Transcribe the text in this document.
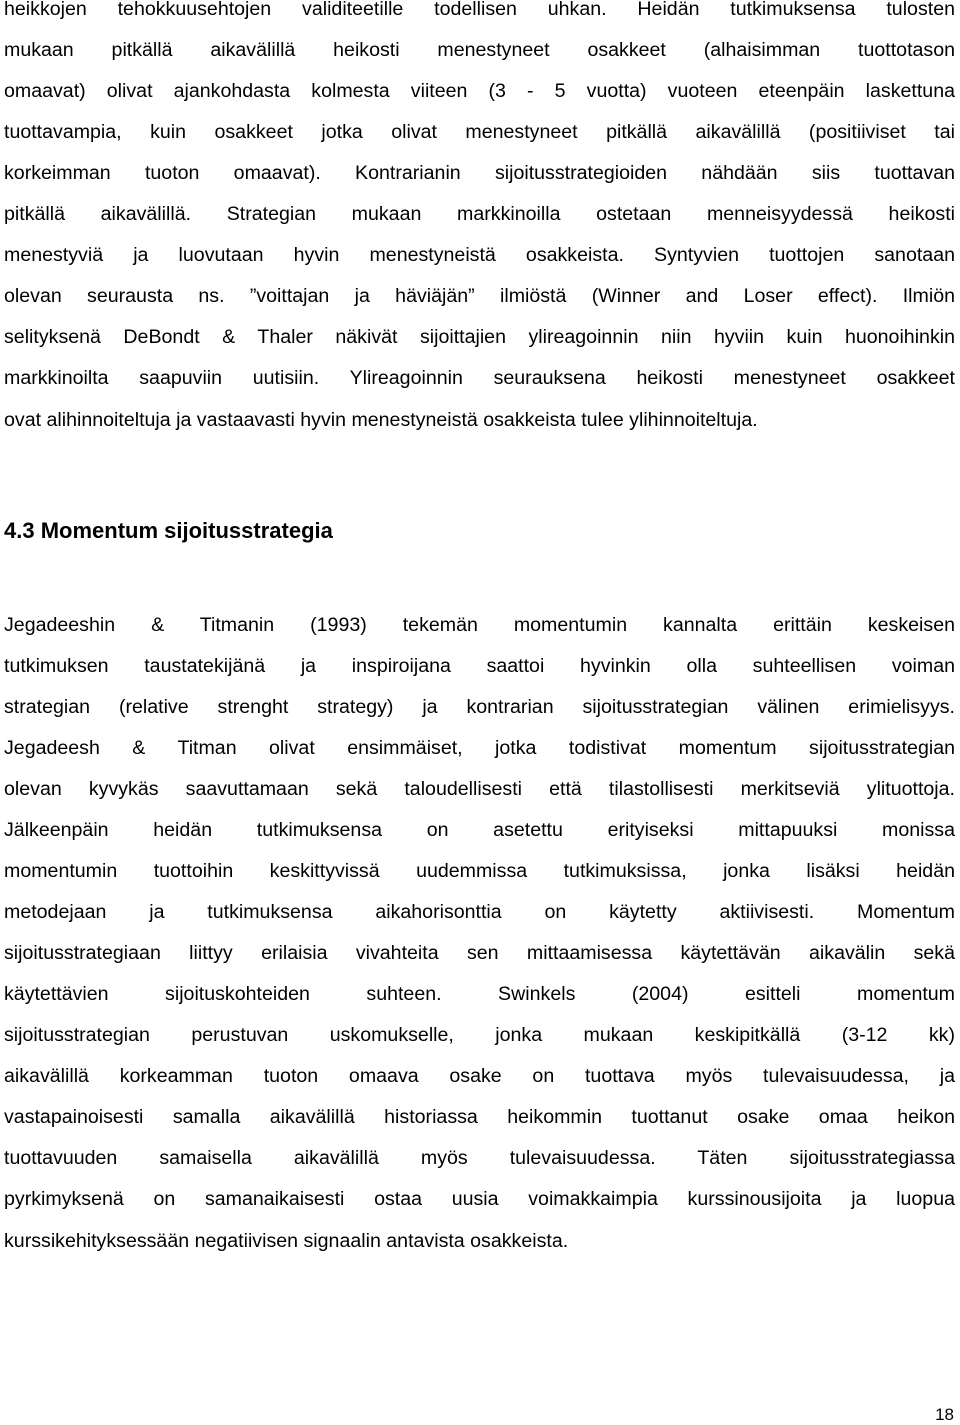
heikkojen tehokkuusehtojen validiteetille todellisen uhkan. Heidän tutkimuksensa tulosten
mukaan pitkällä aikavälillä heikosti menestyneet osakkeet (alhaisimman tuottotason
omaavat) olivat ajankohdasta kolmesta viiteen (3 - 5 vuotta) vuoteen eteenpäin laskettuna
tuottavampia, kuin osakkeet jotka olivat menestyneet pitkällä aikavälillä (positiiviset tai
korkeimman tuoton omaavat). Kontrarianin sijoitusstrategioiden nähdään siis tuottavan
pitkällä aikavälillä. Strategian mukaan markkinoilla ostetaan menneisyydessä heikosti
menestyviä ja luovutaan hyvin menestyneistä osakkeista. Syntyvien tuottojen sanotaan
olevan seurausta ns. ”voittajan ja häviäjän” ilmiöstä (Winner and Loser effect). Ilmiön
selityksenä DeBondt & Thaler näkivät sijoittajien ylireagoinnin niin hyviin kuin huonoihinkin
markkinoilta saapuviin uutisiin. Ylireagoinnin seurauksena heikosti menestyneet osakkeet
ovat alihinnoiteltuja ja vastaavasti hyvin menestyneistä osakkeista tulee ylihinnoiteltuja.
4.3 Momentum sijoitusstrategia
Jegadeeshin & Titmanin (1993) tekemän momentumin kannalta erittäin keskeisen
tutkimuksen taustatekijänä ja inspiroijana saattoi hyvinkin olla suhteellisen voiman
strategian (relative strenght strategy) ja kontrarian sijoitusstrategian välinen erimielisyys.
Jegadeesh & Titman olivat ensimmäiset, jotka todistivat momentum sijoitusstrategian
olevan kyvykäs saavuttamaan sekä taloudellisesti että tilastollisesti merkitseviä ylituottoja.
Jälkeenpäin heidän tutkimuksensa on asetettu erityiseksi mittapuuksi monissa
momentumin tuottoihin keskittyvissä uudemmissa tutkimuksissa, jonka lisäksi heidän
metodejaan ja tutkimuksensa aikahorisonttia on käytetty aktiivisesti. Momentum
sijoitusstrategiaan liittyy erilaisia vivahteita sen mittaamisessa käytettävän aikavälin sekä
käytettävien sijoituskohteiden suhteen. Swinkels (2004) esitteli momentum
sijoitusstrategian perustuvan uskomukselle, jonka mukaan keskipitkällä (3-12 kk)
aikavälillä korkeamman tuoton omaava osake on tuottava myös tulevaisuudessa, ja
vastapainoisesti samalla aikavälillä historiassa heikommin tuottanut osake omaa heikon
tuottavuuden samaisella aikavälillä myös tulevaisuudessa. Täten sijoitusstrategiassa
pyrkimyksenä on samanaikaisesti ostaa uusia voimakkaimpia kurssinousijoita ja luopua
kurssikehityksessään negatiivisen signaalin antavista osakkeista.
18
